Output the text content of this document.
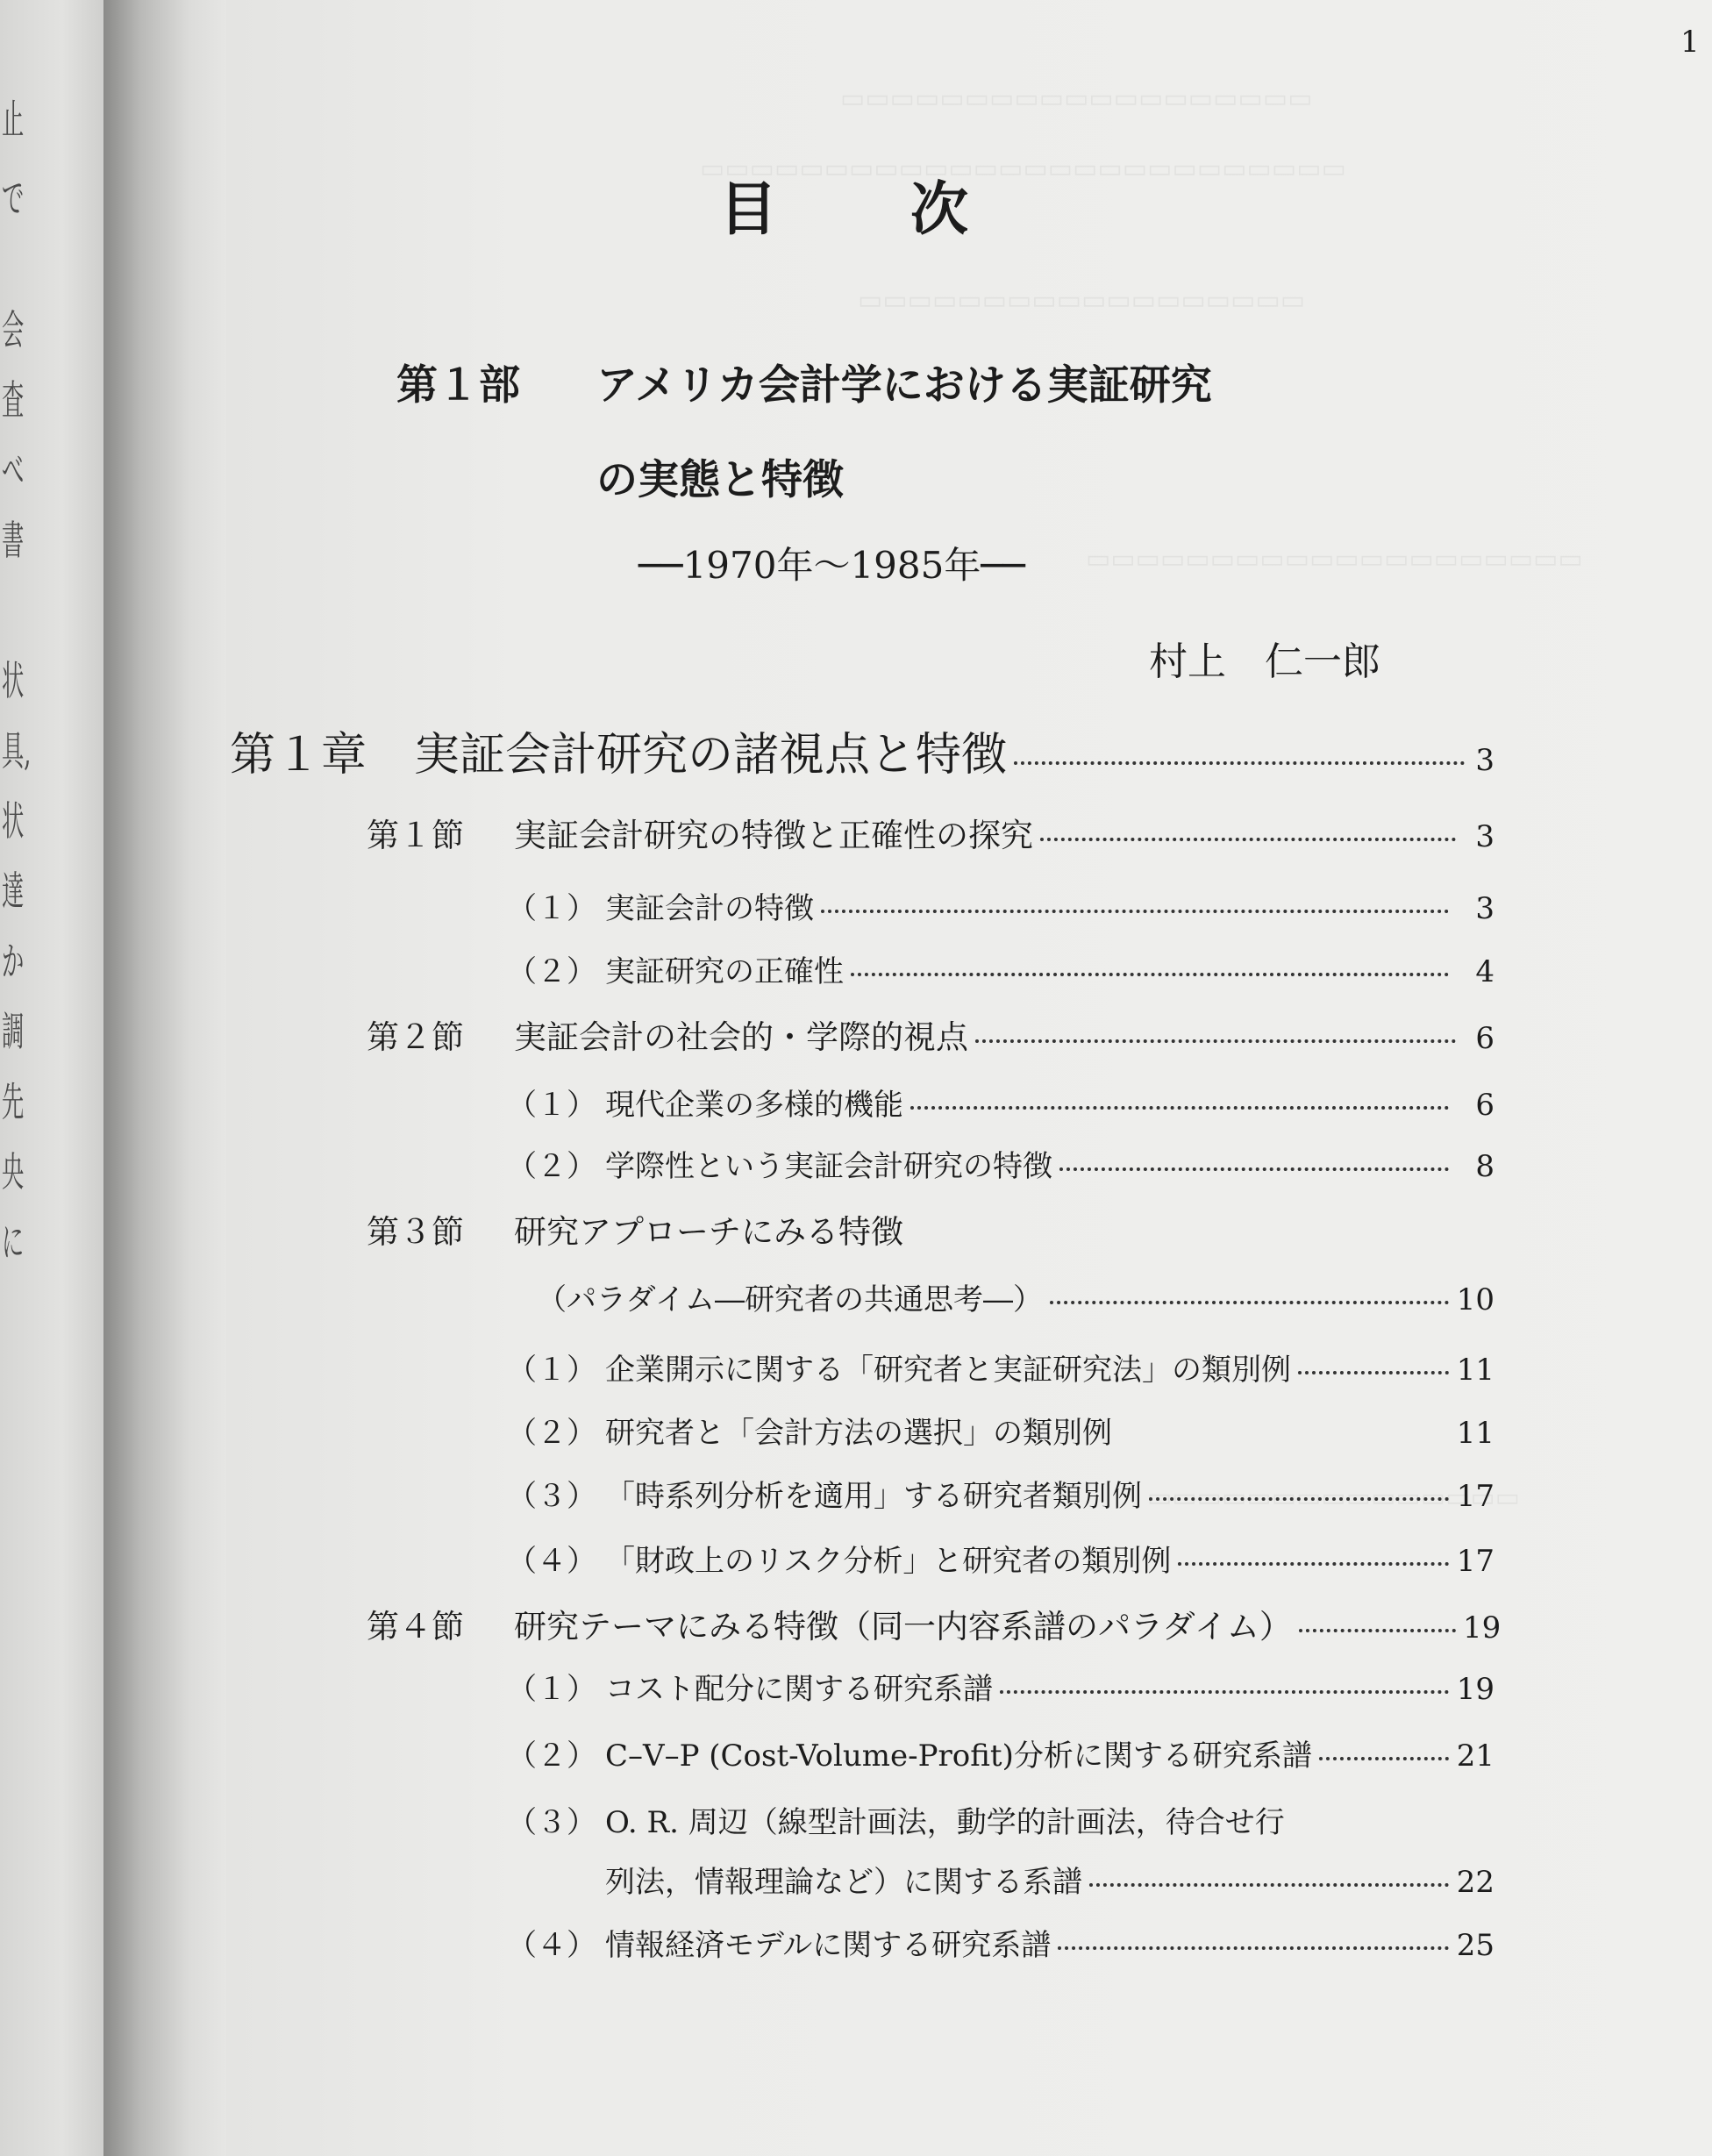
止
で
会
査
べ
書
状
具,
状
達
か
調
先
央
に
1
目 次
第１部 アメリカ会計学における実証研究
の実態と特徴
──1970年～1985年──
村上　仁一郎
第１章	実証会計研究の諸視点と特徴	3
第１節	実証会計研究の特徴と正確性の探究	3
（１） 実証会計の特徴	3
（２） 実証研究の正確性	4
第２節	実証会計の社会的・学際的視点	6
（１） 現代企業の多様的機能	6
（２） 学際性という実証会計研究の特徴	8
第３節	研究アプローチにみる特徴
（パラダイム―研究者の共通思考―）	10
（１） 企業開示に関する「研究者と実証研究法」の類別例	11
（２） 研究者と「会計方法の選択」の類別例	11
（３） 「時系列分析を適用」する研究者類別例	17
（４） 「財政上のリスク分析」と研究者の類別例	17
第４節	研究テーマにみる特徴（同一内容系譜のパラダイム）	19
（１） コスト配分に関する研究系譜	19
（２） C–V–P (Cost-Volume-Profit)分析に関する研究系譜	21
（３） O. R. 周辺（線型計画法，動学的計画法，待合せ行
列法，情報理論など）に関する系譜	22
（４） 情報経済モデルに関する研究系譜	25
